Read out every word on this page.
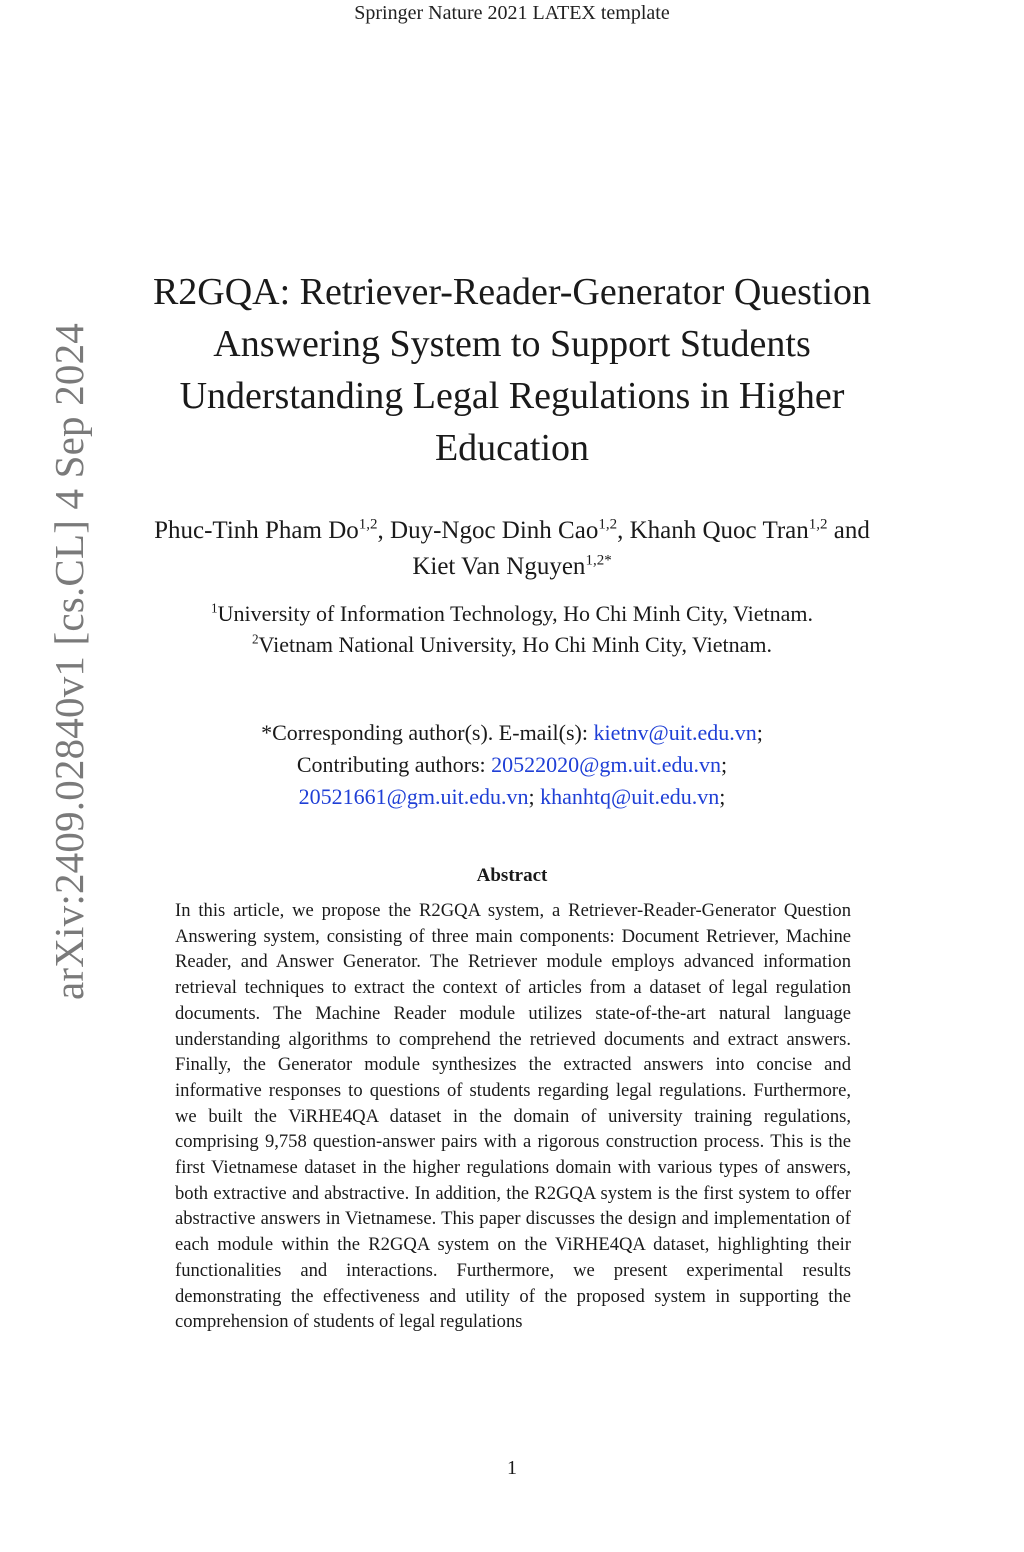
Springer Nature 2021 LATEX template
arXiv:2409.02840v1 [cs.CL] 4 Sep 2024
R2GQA: Retriever-Reader-Generator Question Answering System to Support Students Understanding Legal Regulations in Higher Education
Phuc-Tinh Pham Do$^{1,2}$, Duy-Ngoc Dinh Cao$^{1,2}$, Khanh Quoc Tran$^{1,2}$ and Kiet Van Nguyen$^{1,2*}$
$^1$University of Information Technology, Ho Chi Minh City, Vietnam.
$^2$Vietnam National University, Ho Chi Minh City, Vietnam.
*Corresponding author(s). E-mail(s): kietnv@uit.edu.vn;
Contributing authors: 20522020@gm.uit.edu.vn;
20521661@gm.uit.edu.vn; khanhtq@uit.edu.vn;
Abstract
In this article, we propose the R2GQA system, a Retriever-Reader-Generator Question Answering system, consisting of three main components: Document Retriever, Machine Reader, and Answer Generator. The Retriever module employs advanced information retrieval techniques to extract the context of articles from a dataset of legal regulation documents. The Machine Reader module utilizes state-of-the-art natural language understanding algorithms to comprehend the retrieved documents and extract answers. Finally, the Generator module synthesizes the extracted answers into concise and informative responses to questions of students regarding legal regulations. Furthermore, we built the ViRHE4QA dataset in the domain of university training regulations, comprising 9,758 question-answer pairs with a rigorous construction process. This is the first Vietnamese dataset in the higher regulations domain with various types of answers, both extractive and abstractive. In addition, the R2GQA system is the first system to offer abstractive answers in Vietnamese. This paper discusses the design and implementation of each module within the R2GQA system on the ViRHE4QA dataset, highlighting their functionalities and interactions. Furthermore, we present experimental results demonstrating the effectiveness and utility of the proposed system in supporting the comprehension of students of legal regulations
1
